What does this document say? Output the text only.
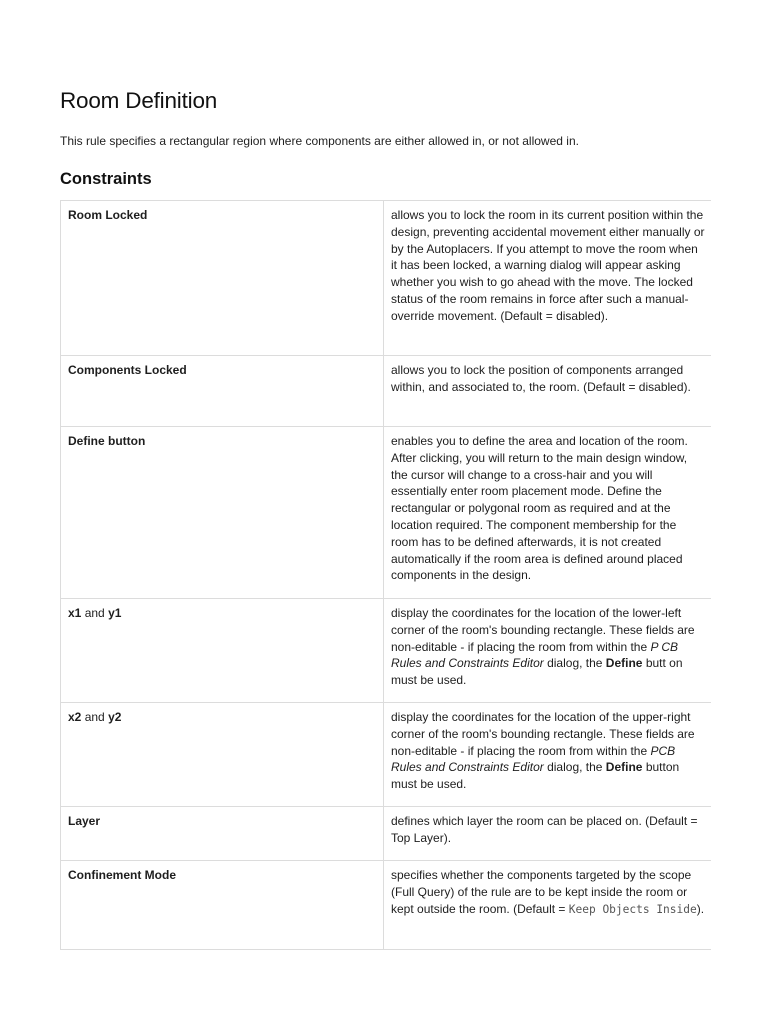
Room Definition

This rule specifies a rectangular region where components are either allowed in, or not allowed in.

Constraints
Room Locked	allows you to lock the room in its current position within the design, preventing accidental movement either manually or by the Autoplacers. If you attempt to move the room when it has been locked, a warning dialog will appear asking whether you wish to go ahead with the move. The locked status of the room remains in force after such a manual-override movement. (Default = disabled).
Components Locked	allows you to lock the position of components arranged within, and associated to, the room. (Default = disabled).
Define button	enables you to define the area and location of the room. After clicking, you will return to the main design window, the cursor will change to a cross-hair and you will essentially enter room placement mode. Define the rectangular or polygonal room as required and at the location required. The component membership for the room has to be defined afterwards, it is not created automatically if the room area is defined around placed components in the design.
x1 and y1	display the coordinates for the location of the lower-left corner of the room's bounding rectangle. These fields are non-editable - if placing the room from within the P CB Rules and Constraints Editor dialog, the Define butt on must be used.
x2 and y2	display the coordinates for the location of the upper-right corner of the room's bounding rectangle. These fields are non-editable - if placing the room from within the PCB Rules and Constraints Editor dialog, the Define button must be used.
Layer	defines which layer the room can be placed on. (Default = Top Layer).
Confinement Mode	specifies whether the components targeted by the scope (Full Query) of the rule are to be kept inside the room or kept outside the room. (Default = Keep Objects Inside).
